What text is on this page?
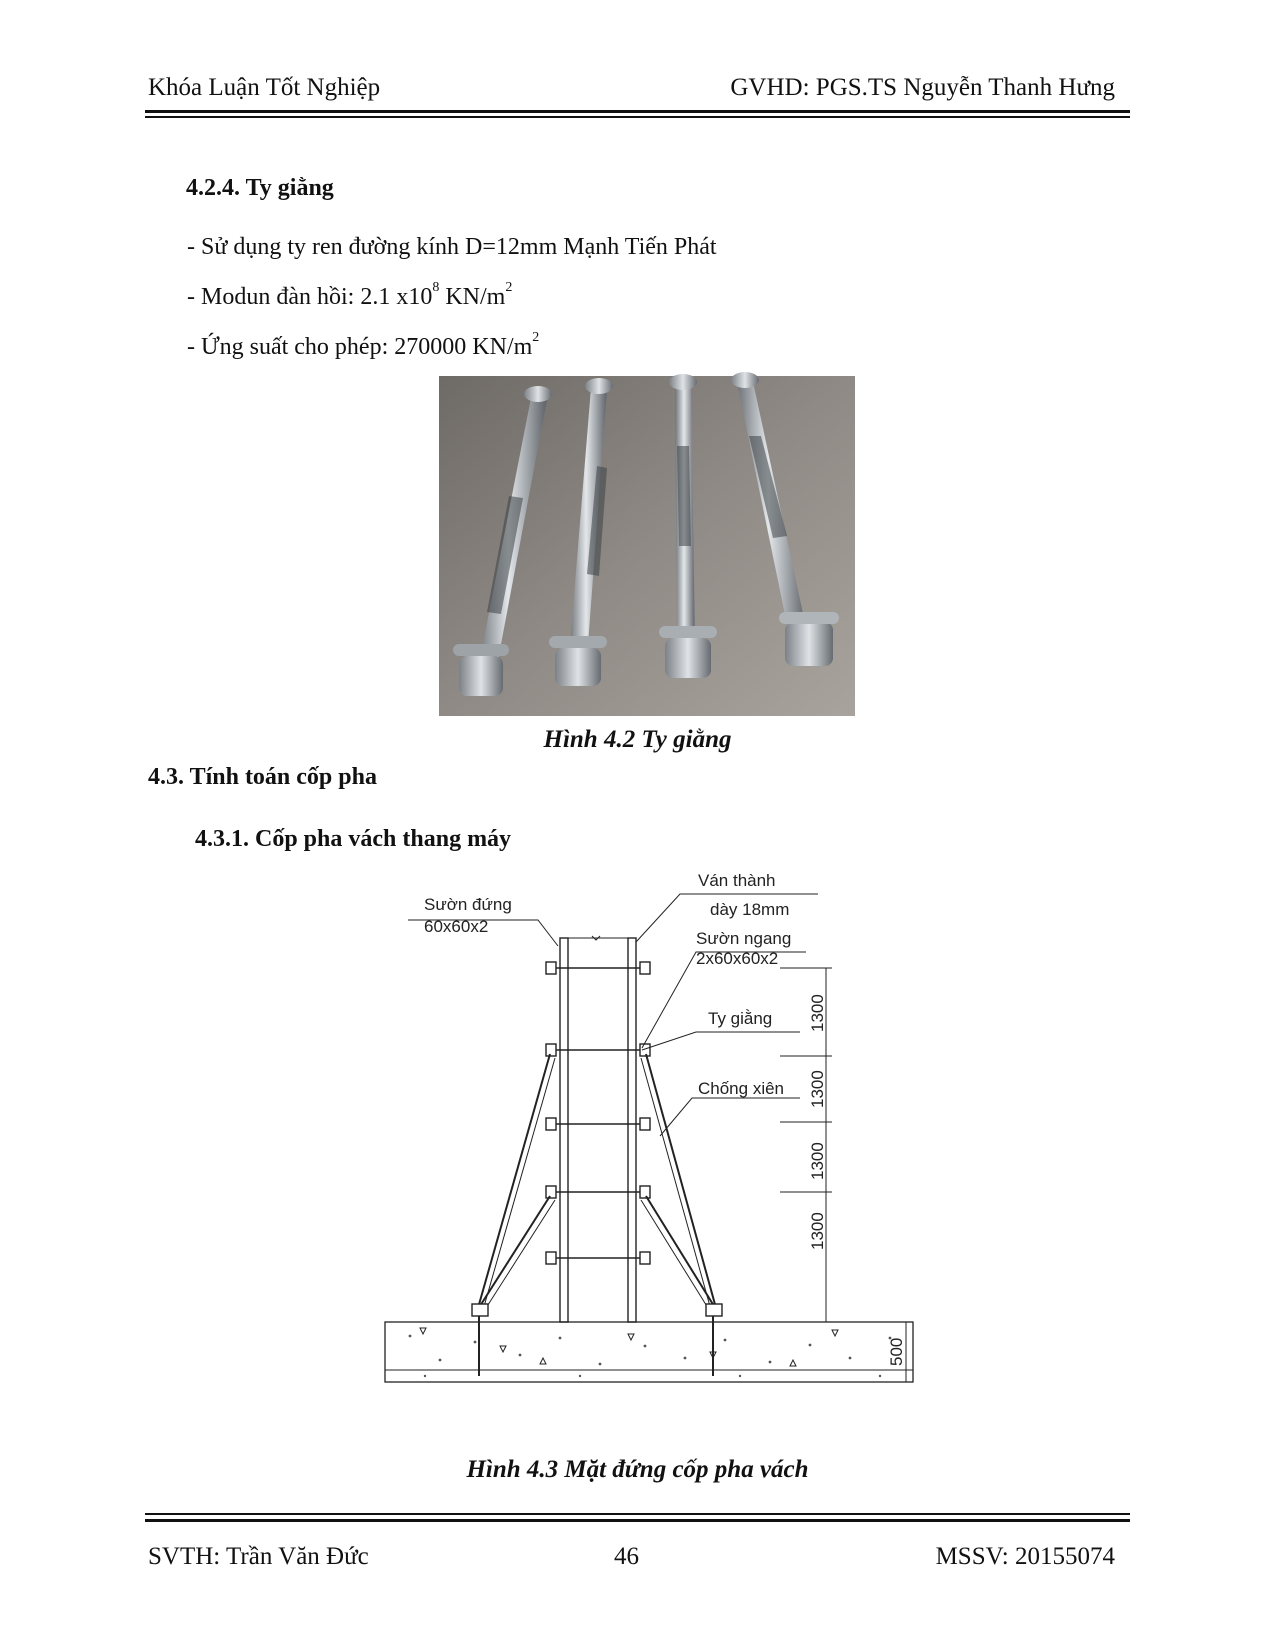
Khóa Luận Tốt Nghiệp	GVHD: PGS.TS Nguyễn Thanh Hưng
4.2.4. Ty giằng
- Sử dụng ty ren đường kính D=12mm Mạnh Tiến Phát
- Modun đàn hồi: 2.1 $x10^8$ $KN/m^2$
- Ứng suất cho phép: 270000 $KN/m^2$
Hình 4.2 Ty giằng
4.3. Tính toán cốp pha
4.3.1. Cốp pha vách thang máy
Sườn đứng
60x60x2
Ván thành
dày 18mm
Sườn ngang
2x60x60x2
Ty giằng
Chống xiên
1300
1300
1300
1300
500
Hình 4.3 Mặt đứng cốp pha vách
SVTH: Trần Văn Đức	46	MSSV: 20155074
